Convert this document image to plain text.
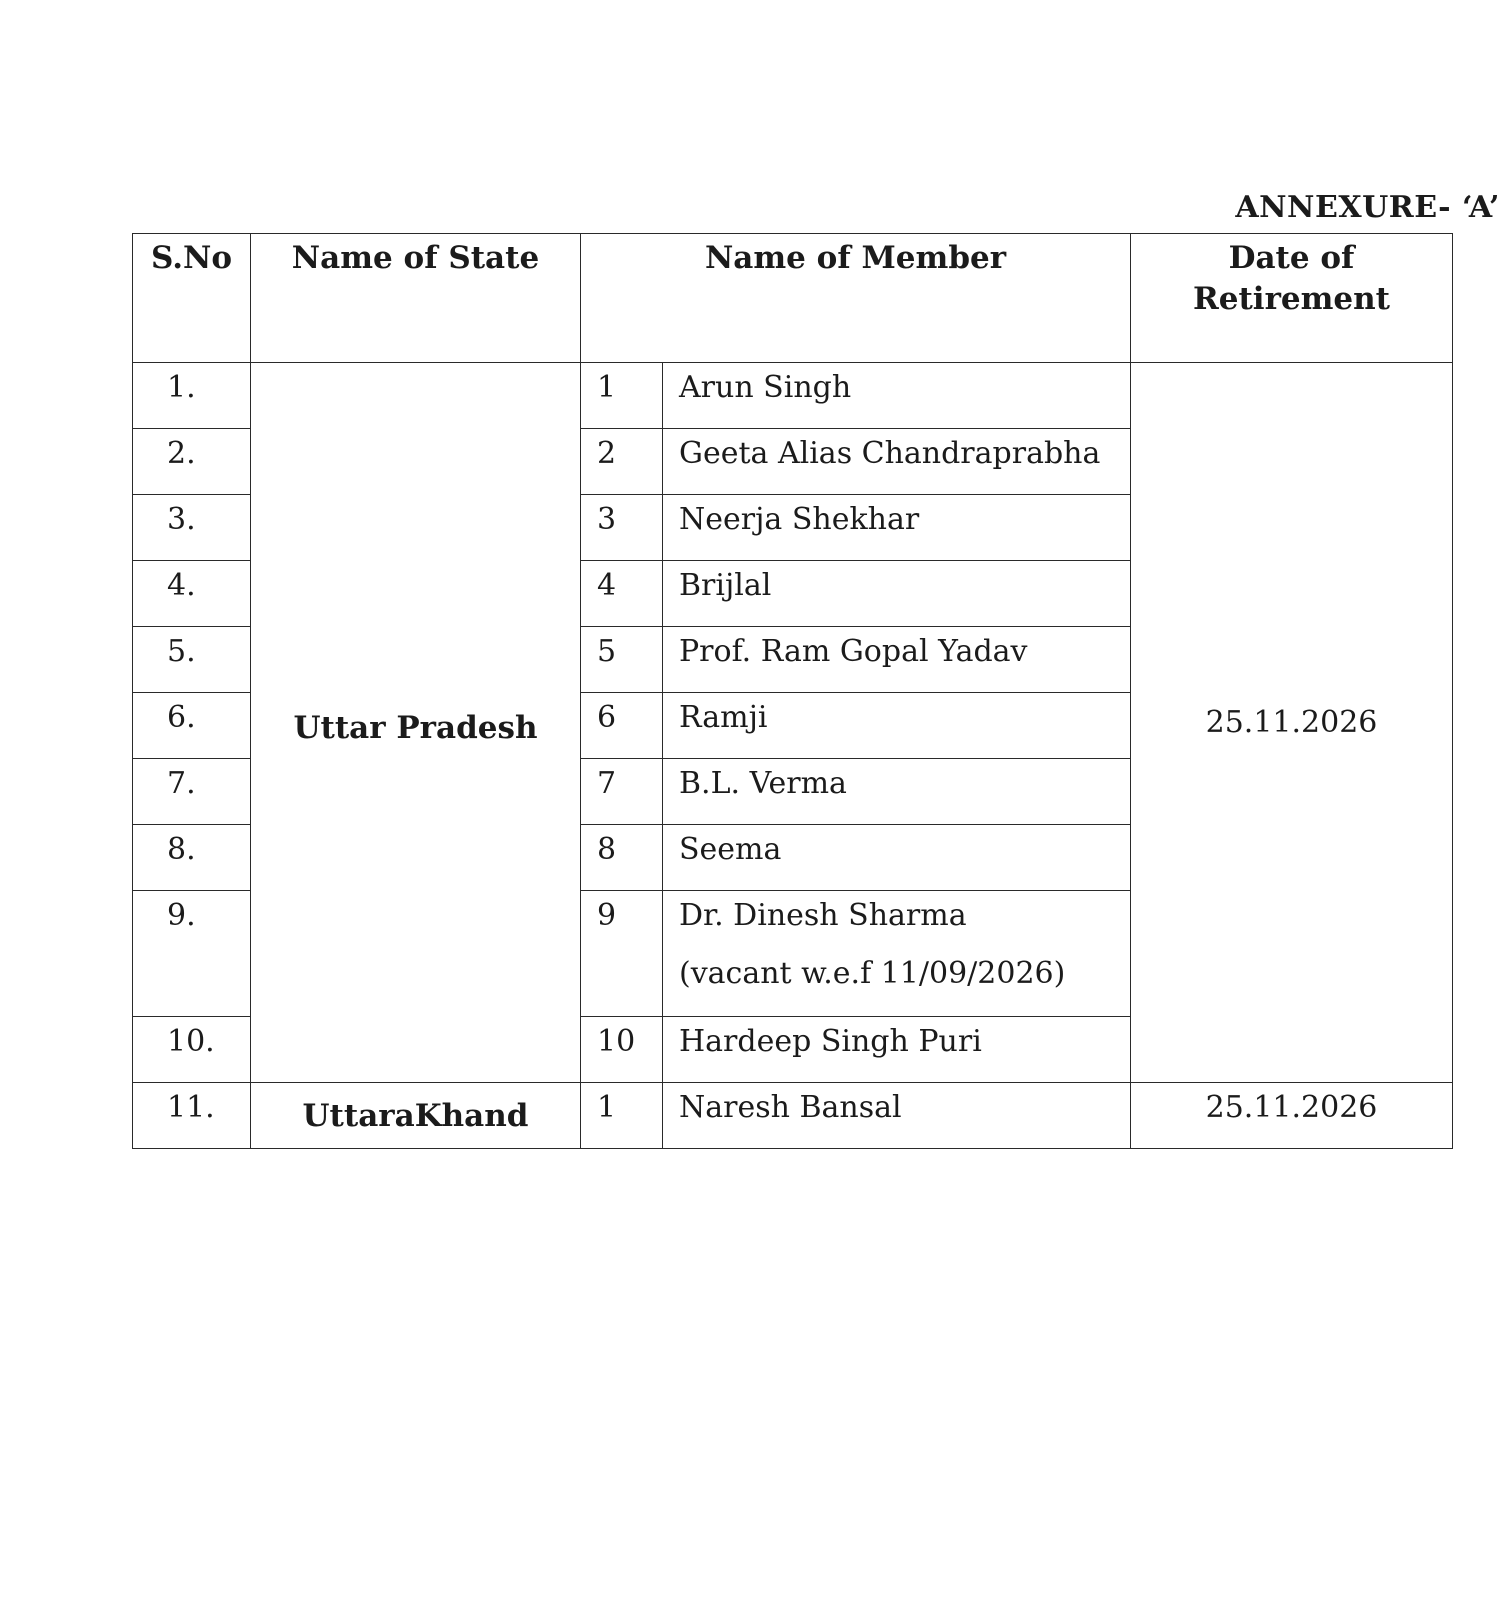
ANNEXURE- ‘A’
S.No	Name of State	Name of Member		Date of Retirement
1.	Uttar Pradesh	1	Arun Singh	25.11.2026
2.		2	Geeta Alias Chandraprabha	
3.		3	Neerja Shekhar	
4.		4	Brijlal	
5.		5	Prof. Ram Gopal Yadav	
6.		6	Ramji	
7.		7	B.L. Verma	
8.		8	Seema	
9.		9	Dr. Dinesh Sharma
(vacant w.e.f 11/09/2026)	

10.		10	Hardeep Singh Puri	
11.	UttaraKhand	1	Naresh Bansal	25.11.2026
